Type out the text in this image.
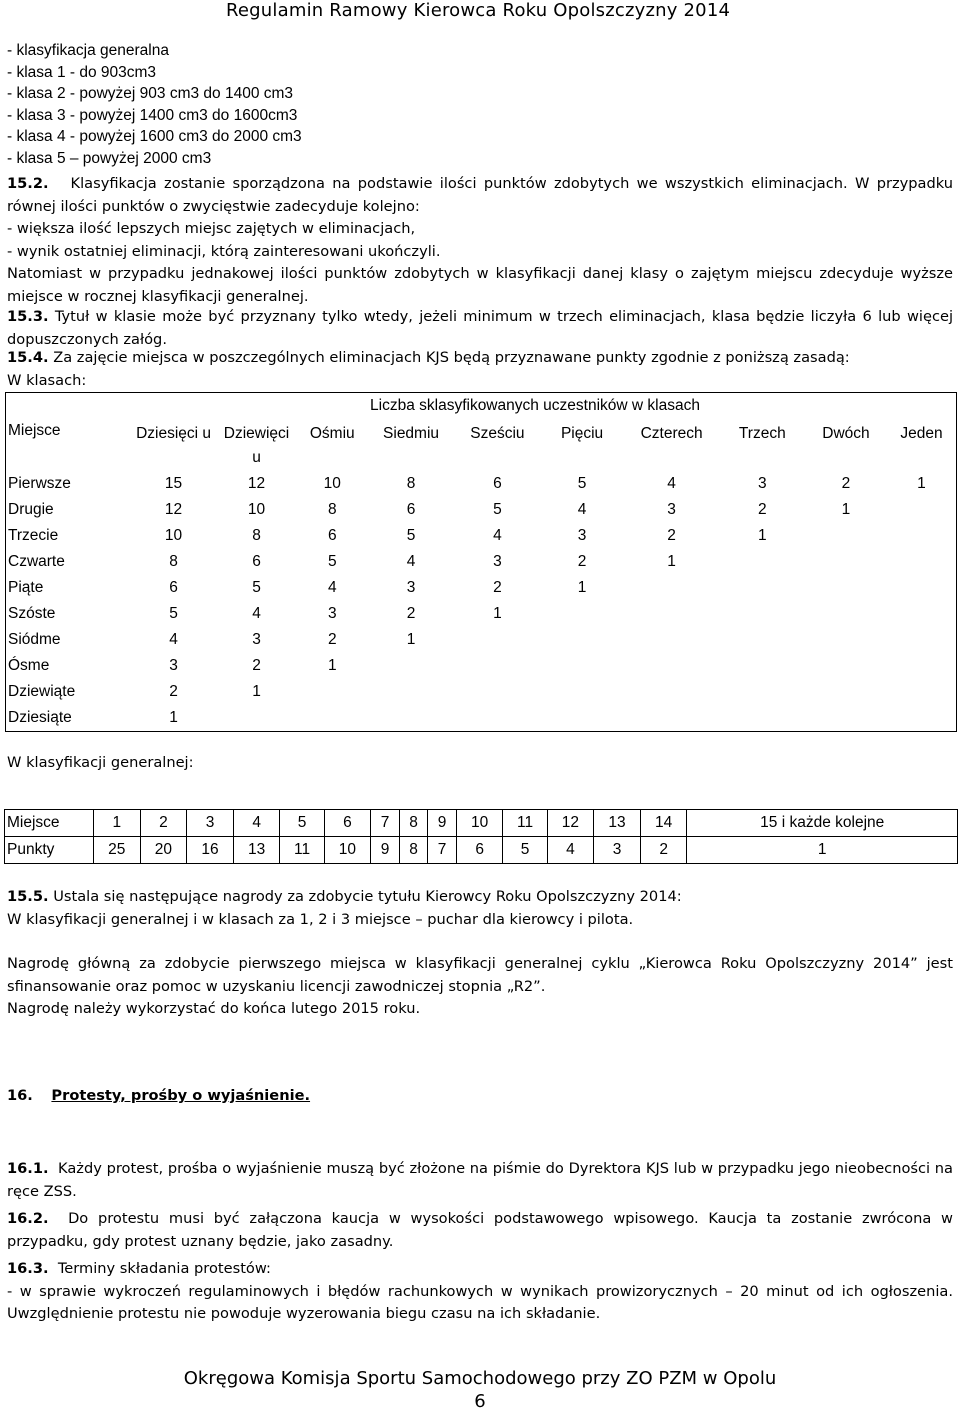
Regulamin Ramowy Kierowca Roku Opolszczyzny 2014
- klasyfikacja generalna
- klasa 1 - do 903cm3
- klasa 2 - powyżej 903 cm3 do 1400 cm3
- klasa 3 - powyżej 1400 cm3 do 1600cm3
- klasa 4 - powyżej 1600 cm3 do 2000 cm3
- klasa 5 – powyżej 2000 cm3
15.2. Klasyfikacja zostanie sporządzona na podstawie ilości punktów zdobytych we wszystkich eliminacjach. W przypadku równej ilości punktów o zwycięstwie zadecyduje kolejno:
- większa ilość lepszych miejsc zajętych w eliminacjach,
- wynik ostatniej eliminacji, którą zainteresowani ukończyli.
Natomiast w przypadku jednakowej ilości punktów zdobytych w klasyfikacji danej klasy o zajętym miejscu zdecyduje wyższe miejsce w rocznej klasyfikacji generalnej.
15.3. Tytuł w klasie może być przyznany tylko wtedy, jeżeli minimum w trzech eliminacjach, klasa będzie liczyła 6 lub więcej dopuszczonych załóg.
15.4. Za zajęcie miejsca w poszczególnych eliminacjach KJS będą przyznawane punkty zgodnie z poniższą zasadą:
W klasach:
Liczba sklasyfikowanych uczestników w klasach										
Miejsce	Dziesięci u	Dziewięci u	Ośmiu	Siedmiu	Sześciu	Pięciu	Czterech	Trzech	Dwóch	Jeden
Pierwsze	15	12	10	8	6	5	4	3	2	1
Drugie	12	10	8	6	5	4	3	2	1	
Trzecie	10	8	6	5	4	3	2	1		
Czwarte	8	6	5	4	3	2	1			
Piąte	6	5	4	3	2	1				
Szóste	5	4	3	2	1					
Siódme	4	3	2	1						
Ósme	3	2	1							
Dziewiąte	2	1								
Dziesiąte	1									
W klasyfikacji generalnej:
Miejsce	1	2	3	4	5	6	7	8	9	10	11	12	13	14	15 i każde kolejne
Punkty	25	20	16	13	11	10	9	8	7	6	5	4	3	2	1
15.5. Ustala się następujące nagrody za zdobycie tytułu Kierowcy Roku Opolszczyzny 2014:
W klasyfikacji generalnej i w klasach za 1, 2 i 3 miejsce – puchar dla kierowcy i pilota.
Nagrodę główną za zdobycie pierwszego miejsca w klasyfikacji generalnej cyklu „Kierowca Roku Opolszczyzny 2014” jest sfinansowanie oraz pomoc w uzyskaniu licencji zawodniczej stopnia „R2”.
Nagrodę należy wykorzystać do końca lutego 2015 roku.
16. Protesty, prośby o wyjaśnienie.
16.1. Każdy protest, prośba o wyjaśnienie muszą być złożone na piśmie do Dyrektora KJS lub w przypadku jego nieobecności na ręce ZSS.
16.2. Do protestu musi być załączona kaucja w wysokości podstawowego wpisowego. Kaucja ta zostanie zwrócona w przypadku, gdy protest uznany będzie, jako zasadny.
16.3. Terminy składania protestów:
- w sprawie wykroczeń regulaminowych i błędów rachunkowych w wynikach prowizorycznych – 20 minut od ich ogłoszenia. Uwzględnienie protestu nie powoduje wyzerowania biegu czasu na ich składanie.
Okręgowa Komisja Sportu Samochodowego przy ZO PZM w Opolu
6
